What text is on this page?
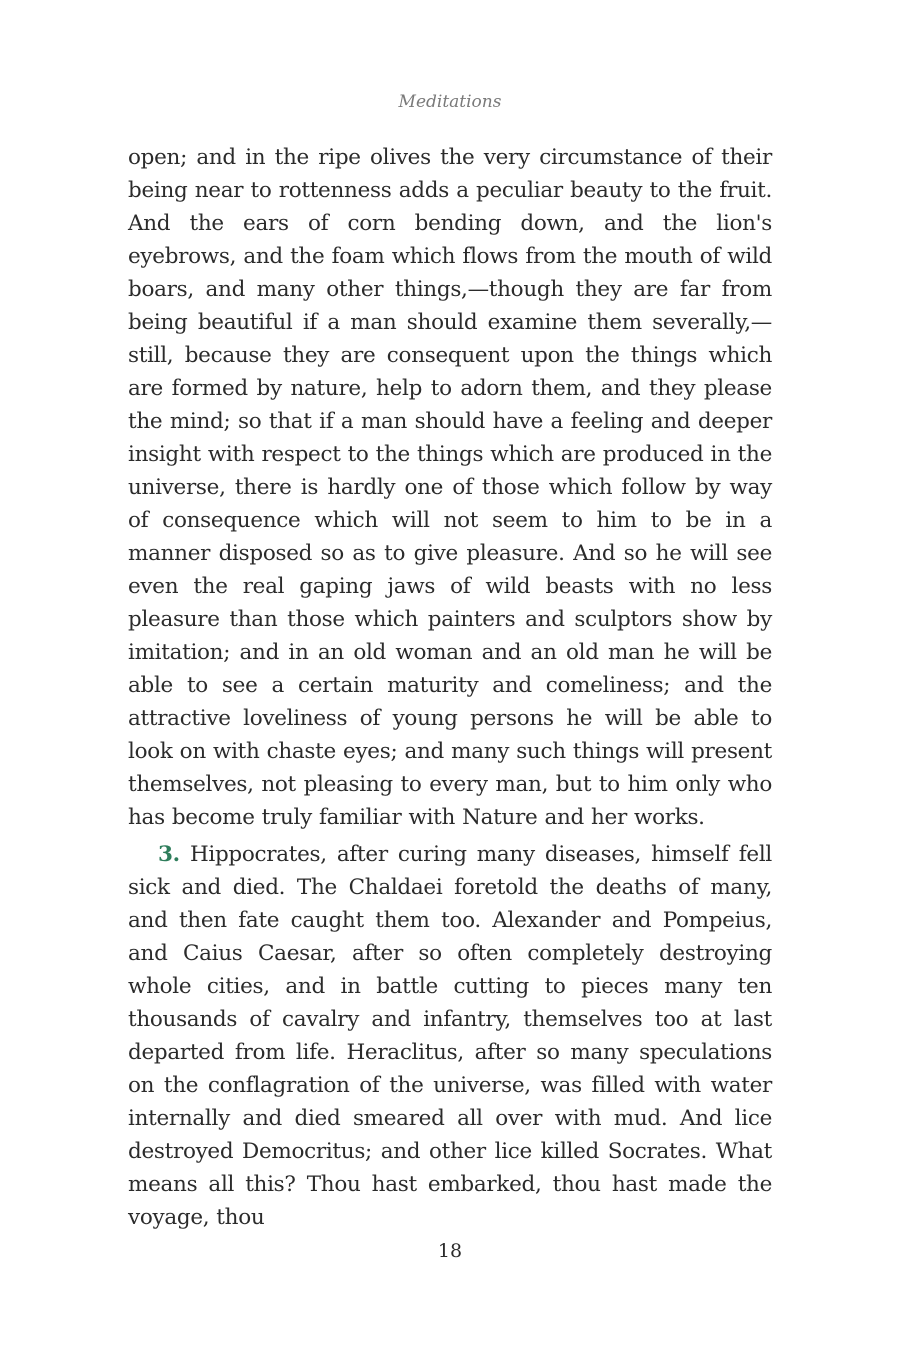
Meditations

open; and in the ripe olives the very circumstance of their being near to rottenness adds a peculiar beauty to the fruit. And the ears of corn bending down, and the lion's eyebrows, and the foam which flows from the mouth of wild boars, and many other things,—though they are far from being beautiful if a man should examine them severally,—still, because they are consequent upon the things which are formed by nature, help to adorn them, and they please the mind; so that if a man should have a feeling and deeper insight with respect to the things which are produced in the universe, there is hardly one of those which follow by way of consequence which will not seem to him to be in a manner disposed so as to give pleasure. And so he will see even the real gaping jaws of wild beasts with no less pleasure than those which painters and sculptors show by imitation; and in an old woman and an old man he will be able to see a certain maturity and comeliness; and the attractive loveliness of young persons he will be able to look on with chaste eyes; and many such things will present themselves, not pleasing to every man, but to him only who has become truly familiar with Nature and her works.

3. Hippocrates, after curing many diseases, himself fell sick and died. The Chaldaei foretold the deaths of many, and then fate caught them too. Alexander and Pompeius, and Caius Caesar, after so often completely destroying whole cities, and in battle cutting to pieces many ten thousands of cavalry and infantry, themselves too at last departed from life. Heraclitus, after so many speculations on the conflagration of the universe, was filled with water internally and died smeared all over with mud. And lice destroyed Democritus; and other lice killed Socrates. What means all this? Thou hast embarked, thou hast made the voyage, thou

18
